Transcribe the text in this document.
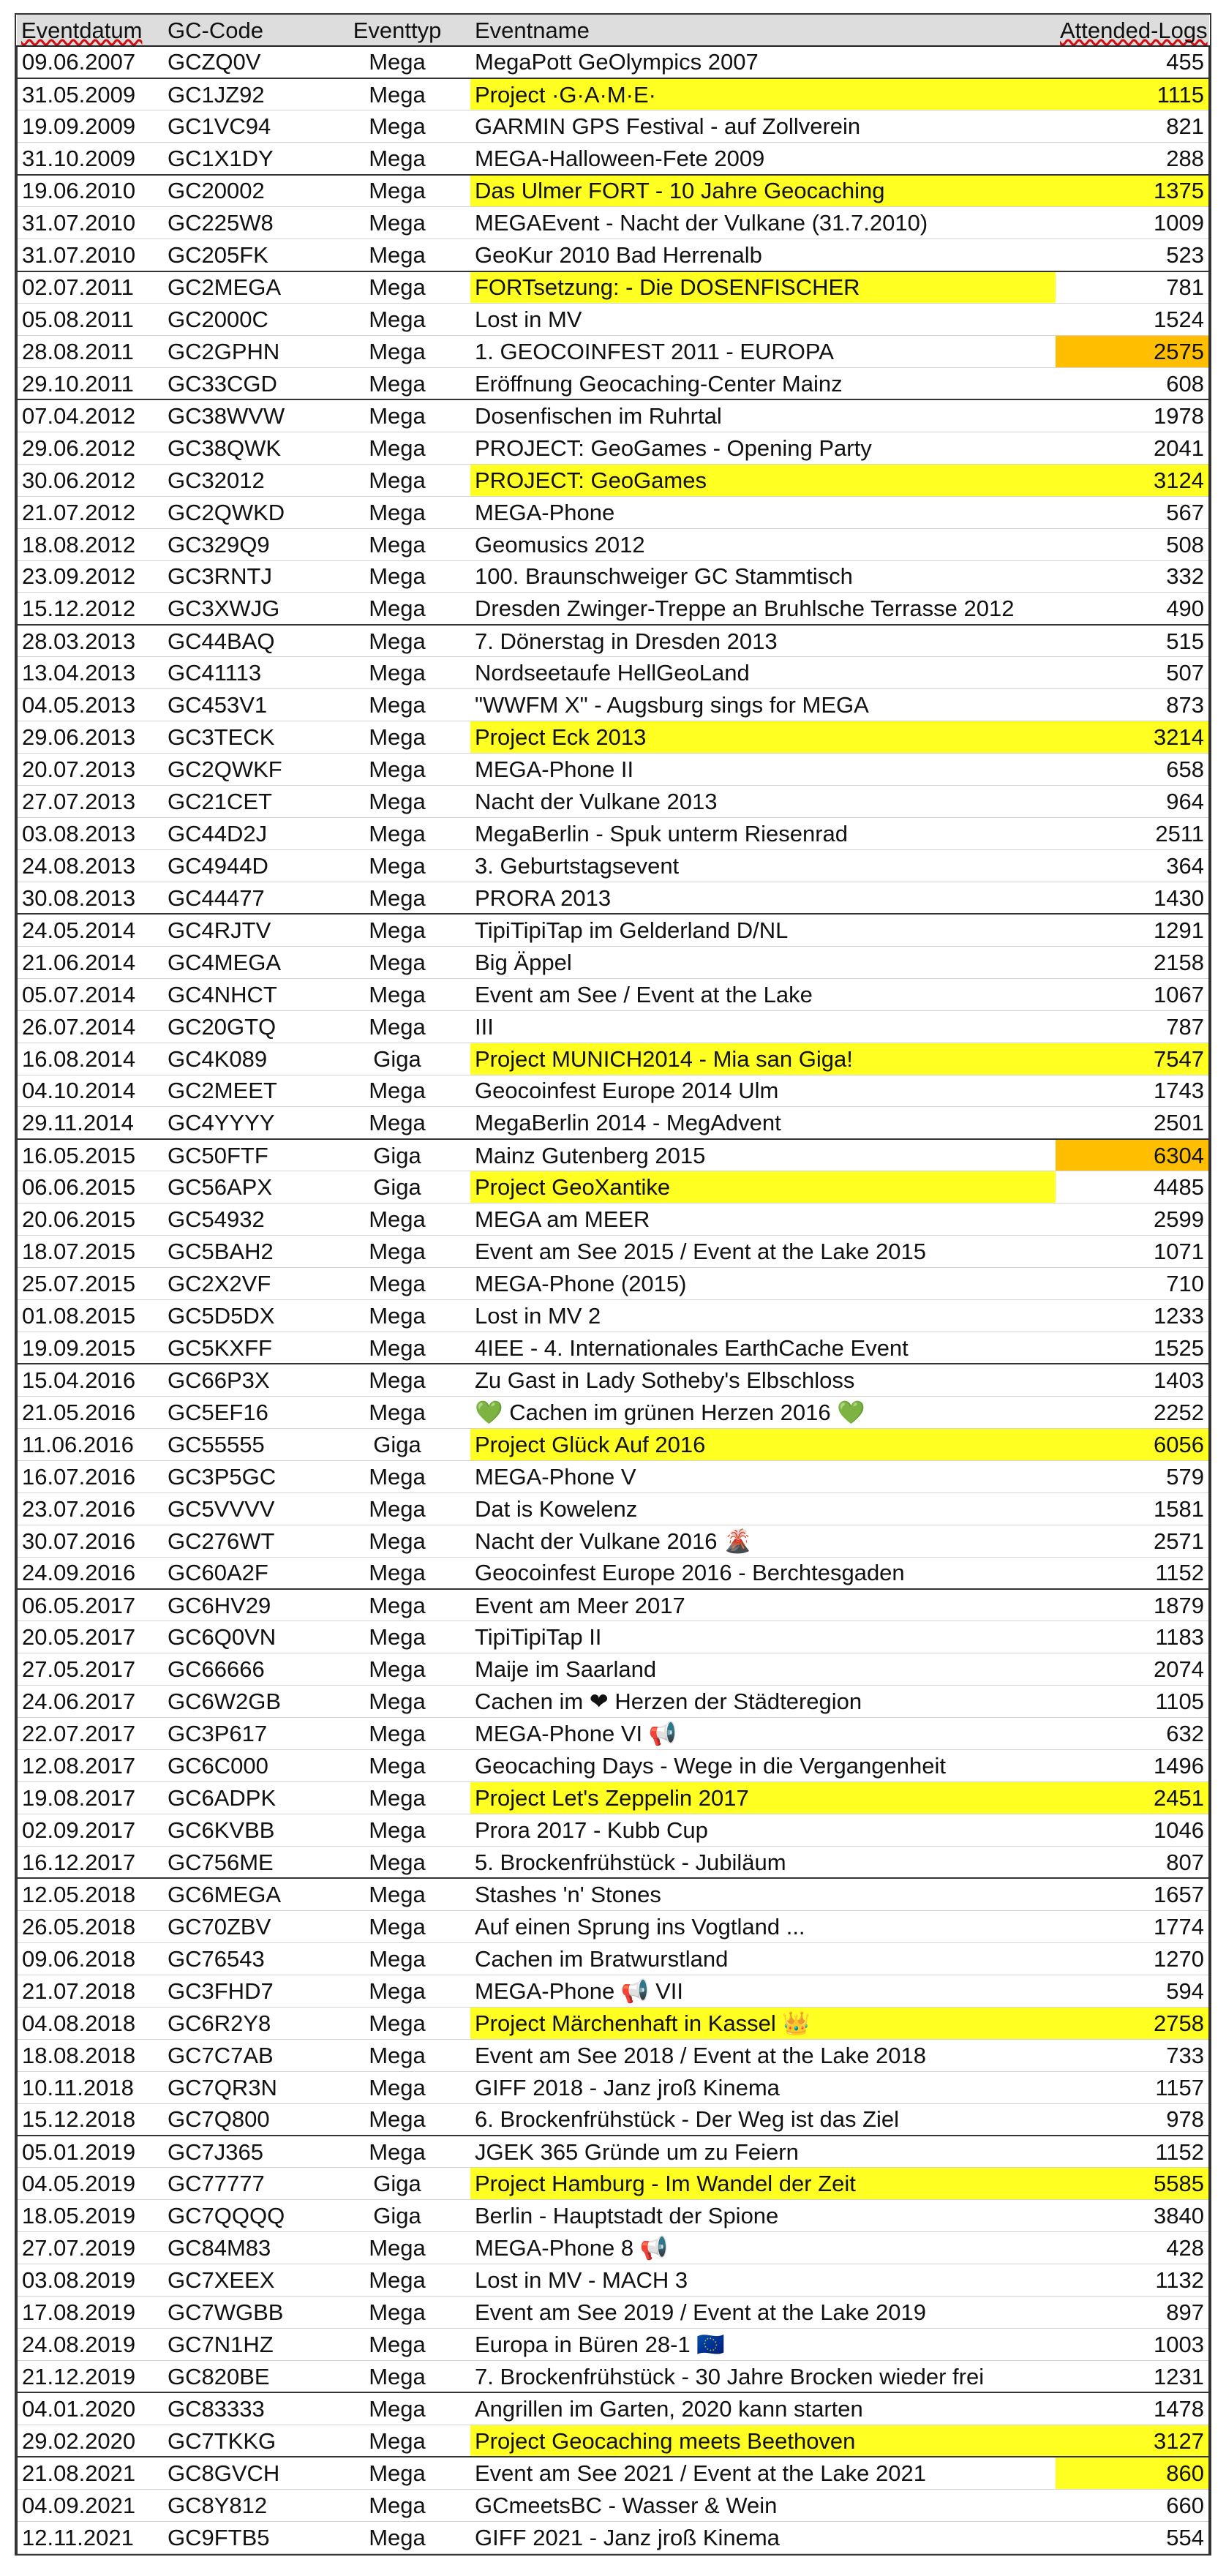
Eventdatum	GC-Code	Eventtyp	Eventname	Attended-Logs
09.06.2007	GCZQ0V	Mega	MegaPott GeOlympics 2007	455
31.05.2009	GC1JZ92	Mega	Project ·G·A·M·E·	1115
19.09.2009	GC1VC94	Mega	GARMIN GPS Festival - auf Zollverein	821
31.10.2009	GC1X1DY	Mega	MEGA-Halloween-Fete 2009	288
19.06.2010	GC20002	Mega	Das Ulmer FORT - 10 Jahre Geocaching	1375
31.07.2010	GC225W8	Mega	MEGAEvent - Nacht der Vulkane (31.7.2010)	1009
31.07.2010	GC205FK	Mega	GeoKur 2010 Bad Herrenalb	523
02.07.2011	GC2MEGA	Mega	FORTsetzung: - Die DOSENFISCHER	781
05.08.2011	GC2000C	Mega	Lost in MV	1524
28.08.2011	GC2GPHN	Mega	1. GEOCOINFEST 2011 - EUROPA	2575
29.10.2011	GC33CGD	Mega	Eröffnung Geocaching-Center Mainz	608
07.04.2012	GC38WVW	Mega	Dosenfischen im Ruhrtal	1978
29.06.2012	GC38QWK	Mega	PROJECT: GeoGames - Opening Party	2041
30.06.2012	GC32012	Mega	PROJECT: GeoGames	3124
21.07.2012	GC2QWKD	Mega	MEGA-Phone	567
18.08.2012	GC329Q9	Mega	Geomusics 2012	508
23.09.2012	GC3RNTJ	Mega	100. Braunschweiger GC Stammtisch	332
15.12.2012	GC3XWJG	Mega	Dresden Zwinger-Treppe an Bruhlsche Terrasse 2012	490
28.03.2013	GC44BAQ	Mega	7. Dönerstag in Dresden 2013	515
13.04.2013	GC41113	Mega	Nordseetaufe HellGeoLand	507
04.05.2013	GC453V1	Mega	"WWFM X" - Augsburg sings for MEGA	873
29.06.2013	GC3TECK	Mega	Project Eck 2013	3214
20.07.2013	GC2QWKF	Mega	MEGA-Phone II	658
27.07.2013	GC21CET	Mega	Nacht der Vulkane 2013	964
03.08.2013	GC44D2J	Mega	MegaBerlin - Spuk unterm Riesenrad	2511
24.08.2013	GC4944D	Mega	3. Geburtstagsevent	364
30.08.2013	GC44477	Mega	PRORA 2013	1430
24.05.2014	GC4RJTV	Mega	TipiTipiTap im Gelderland D/NL	1291
21.06.2014	GC4MEGA	Mega	Big Äppel	2158
05.07.2014	GC4NHCT	Mega	Event am See / Event at the Lake	1067
26.07.2014	GC20GTQ	Mega	III	787
16.08.2014	GC4K089	Giga	Project MUNICH2014 - Mia san Giga!	7547
04.10.2014	GC2MEET	Mega	Geocoinfest Europe 2014 Ulm	1743
29.11.2014	GC4YYYY	Mega	MegaBerlin 2014 - MegAdvent	2501
16.05.2015	GC50FTF	Giga	Mainz Gutenberg 2015	6304
06.06.2015	GC56APX	Giga	Project GeoXantike	4485
20.06.2015	GC54932	Mega	MEGA am MEER	2599
18.07.2015	GC5BAH2	Mega	Event am See 2015 / Event at the Lake 2015	1071
25.07.2015	GC2X2VF	Mega	MEGA-Phone (2015)	710
01.08.2015	GC5D5DX	Mega	Lost in MV 2	1233
19.09.2015	GC5KXFF	Mega	4IEE - 4. Internationales EarthCache Event	1525
15.04.2016	GC66P3X	Mega	Zu Gast in Lady Sotheby's Elbschloss	1403
21.05.2016	GC5EF16	Mega	💚 Cachen im grünen Herzen 2016 💚	2252
11.06.2016	GC55555	Giga	Project Glück Auf 2016	6056
16.07.2016	GC3P5GC	Mega	MEGA-Phone V	579
23.07.2016	GC5VVVV	Mega	Dat is Kowelenz	1581
30.07.2016	GC276WT	Mega	Nacht der Vulkane 2016 🌋	2571
24.09.2016	GC60A2F	Mega	Geocoinfest Europe 2016 - Berchtesgaden	1152
06.05.2017	GC6HV29	Mega	Event am Meer 2017	1879
20.05.2017	GC6Q0VN	Mega	TipiTipiTap II	1183
27.05.2017	GC66666	Mega	Maije im Saarland	2074
24.06.2017	GC6W2GB	Mega	Cachen im ❤ Herzen der Städteregion	1105
22.07.2017	GC3P617	Mega	MEGA-Phone VI 📢	632
12.08.2017	GC6C000	Mega	Geocaching Days - Wege in die Vergangenheit	1496
19.08.2017	GC6ADPK	Mega	Project Let's Zeppelin 2017	2451
02.09.2017	GC6KVBB	Mega	Prora 2017 - Kubb Cup	1046
16.12.2017	GC756ME	Mega	5. Brockenfrühstück - Jubiläum	807
12.05.2018	GC6MEGA	Mega	Stashes 'n' Stones	1657
26.05.2018	GC70ZBV	Mega	Auf einen Sprung ins Vogtland ...	1774
09.06.2018	GC76543	Mega	Cachen im Bratwurstland	1270
21.07.2018	GC3FHD7	Mega	MEGA-Phone 📢 VII	594
04.08.2018	GC6R2Y8	Mega	Project Märchenhaft in Kassel 👑	2758
18.08.2018	GC7C7AB	Mega	Event am See 2018 / Event at the Lake 2018	733
10.11.2018	GC7QR3N	Mega	GIFF 2018 - Janz jroß Kinema	1157
15.12.2018	GC7Q800	Mega	6. Brockenfrühstück - Der Weg ist das Ziel	978
05.01.2019	GC7J365	Mega	JGEK 365 Gründe um zu Feiern	1152
04.05.2019	GC77777	Giga	Project Hamburg - Im Wandel der Zeit	5585
18.05.2019	GC7QQQQ	Giga	Berlin - Hauptstadt der Spione	3840
27.07.2019	GC84M83	Mega	MEGA-Phone 8 📢	428
03.08.2019	GC7XEEX	Mega	Lost in MV - MACH 3	1132
17.08.2019	GC7WGBB	Mega	Event am See 2019 / Event at the Lake 2019	897
24.08.2019	GC7N1HZ	Mega	Europa in Büren 28-1 🇪🇺	1003
21.12.2019	GC820BE	Mega	7. Brockenfrühstück - 30 Jahre Brocken wieder frei	1231
04.01.2020	GC83333	Mega	Angrillen im Garten, 2020 kann starten	1478
29.02.2020	GC7TKKG	Mega	Project Geocaching meets Beethoven	3127
21.08.2021	GC8GVCH	Mega	Event am See 2021 / Event at the Lake 2021	860
04.09.2021	GC8Y812	Mega	GCmeetsBC - Wasser & Wein	660
12.11.2021	GC9FTB5	Mega	GIFF 2021 - Janz jroß Kinema	554
